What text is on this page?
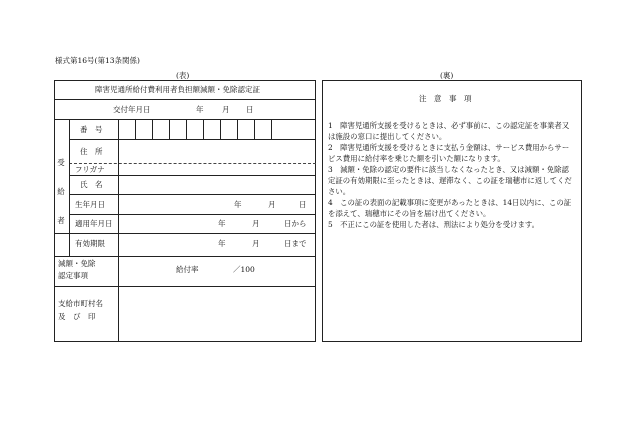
様式第16号(第13条関係)
(表)	(裏)
障害児通所給付費利用者負担額減額・免除認定証
交付年月日	年 月 日
受　給　者
番　号
住　所
フリガナ
氏　名
生年月日	年	月	日
適用年月日	年	月	日から
有効期限	年	月	日まで
減額・免除
認定事項
給付率	／100
支給市町村名
及　び　印
注　意　事　項

1　障害児通所支援を受けるときは、必ず事前に、この認定証を事業者又は施設の窓口に提出してください。

2　障害児通所支援を受けるときに支払う金額は、サービス費用からサービス費用に給付率を乗じた額を引いた額になります。

3　減額・免除の認定の要件に該当しなくなったとき、又は減額・免除認定証の有効期限に至ったときは、遅滞なく、この証を瑞穂市に返してください。

4　この証の表面の記載事項に変更があったときは、14日以内に、この証を添えて、瑞穂市にその旨を届け出てください。

5　不正にこの証を使用した者は、刑法により処分を受けます。
